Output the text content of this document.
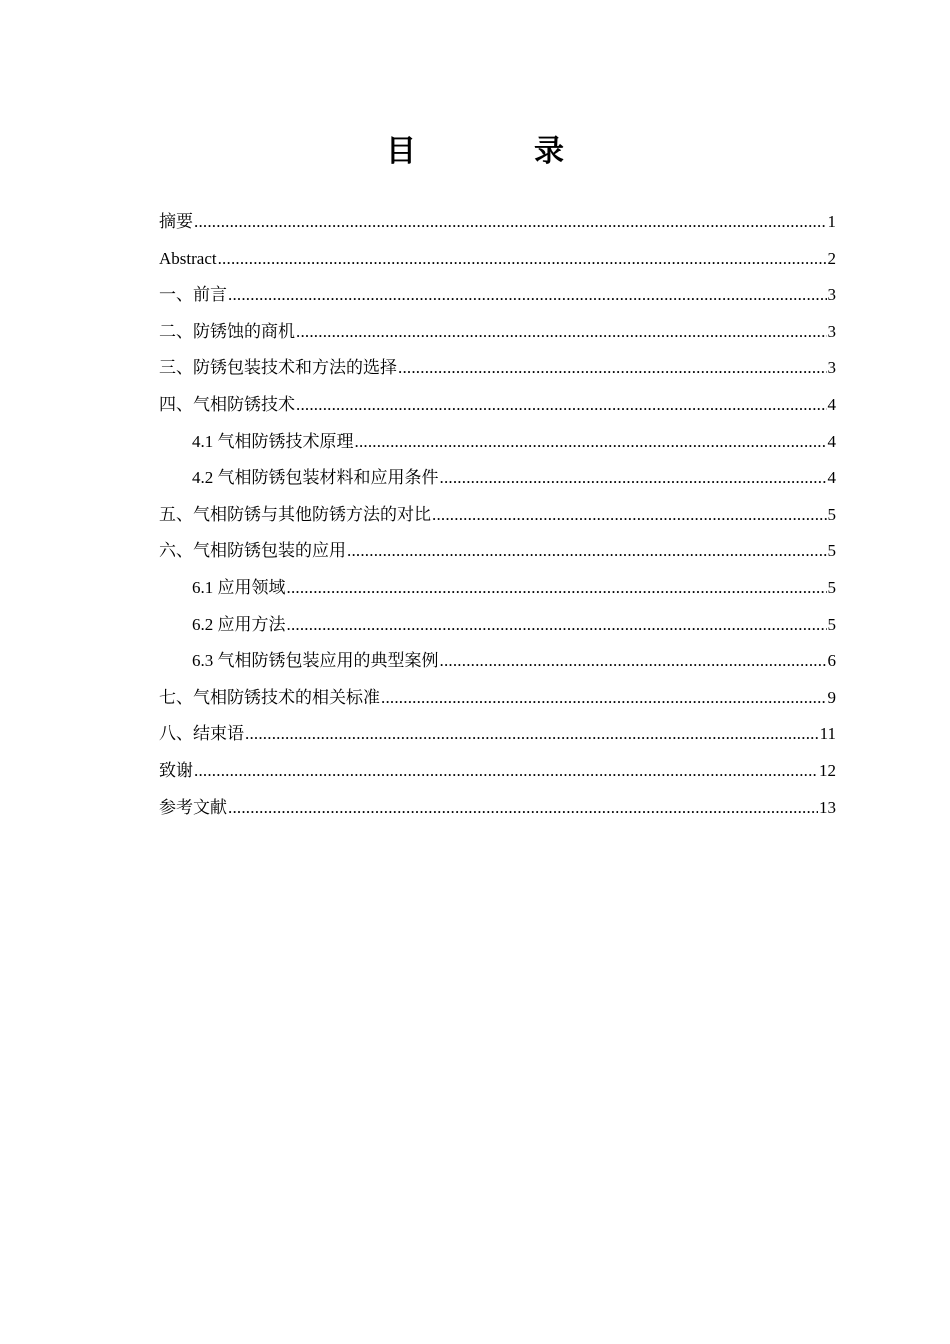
目　录
摘要 .....	1
Abstract .....	2
一、前言 .....	3
二、防锈蚀的商机 .....	3
三、防锈包装技术和方法的选择 .....	3
四、气相防锈技术 .....	4
4.1 气相防锈技术原理 .....	4
4.2 气相防锈包装材料和应用条件 .....	4
五、气相防锈与其他防锈方法的对比 .....	5
六、气相防锈包装的应用 .....	5
6.1 应用领域 .....	5
6.2 应用方法 .....	5
6.3 气相防锈包装应用的典型案例 .....	6
七、气相防锈技术的相关标准 .....	9
八、结束语 .....	11
致谢 .....	12
参考文献 .....	13
